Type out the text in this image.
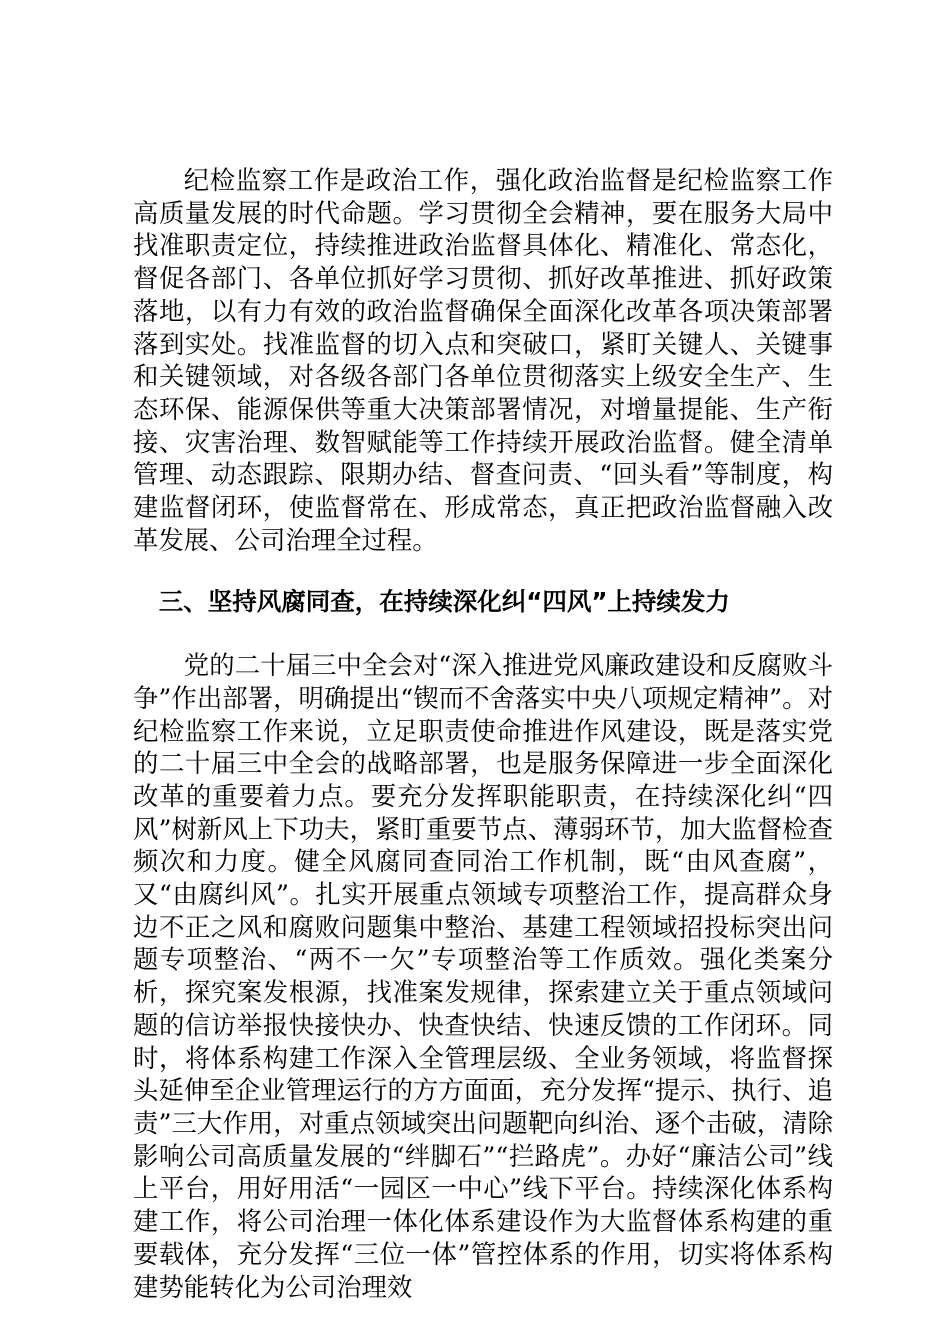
纪检监察工作是政治工作，强化政治监督是纪检监察工作高质量发展的时代命题。学习贯彻全会精神，要在服务大局中找准职责定位，持续推进政治监督具体化、精准化、常态化，督促各部门、各单位抓好学习贯彻、抓好改革推进、抓好政策落地，以有力有效的政治监督确保全面深化改革各项决策部署落到实处。找准监督的切入点和突破口，紧盯关键人、关键事和关键领域，对各级各部门各单位贯彻落实上级安全生产、生态环保、能源保供等重大决策部署情况，对增量提能、生产衔接、灾害治理、数智赋能等工作持续开展政治监督。健全清单管理、动态跟踪、限期办结、督查问责、“回头看”等制度，构建监督闭环，使监督常在、形成常态，真正把政治监督融入改革发展、公司治理全过程。

三、坚持风腐同查，在持续深化纠“四风”上持续发力

党的二十届三中全会对“深入推进党风廉政建设和反腐败斗争”作出部署，明确提出“锲而不舍落实中央八项规定精神”。对纪检监察工作来说，立足职责使命推进作风建设，既是落实党的二十届三中全会的战略部署，也是服务保障进一步全面深化改革的重要着力点。要充分发挥职能职责，在持续深化纠“四风”树新风上下功夫，紧盯重要节点、薄弱环节，加大监督检查频次和力度。健全风腐同查同治工作机制，既“由风查腐”，又“由腐纠风”。扎实开展重点领域专项整治工作，提高群众身边不正之风和腐败问题集中整治、基建工程领域招投标突出问题专项整治、“两不一欠”专项整治等工作质效。强化类案分析，探究案发根源，找准案发规律，探索建立关于重点领域问题的信访举报快接快办、快查快结、快速反馈的工作闭环。同时，将体系构建工作深入全管理层级、全业务领域，将监督探头延伸至企业管理运行的方方面面，充分发挥“提示、执行、追责”三大作用，对重点领域突出问题靶向纠治、逐个击破，清除影响公司高质量发展的“绊脚石”“拦路虎”。办好“廉洁公司”线上平台，用好用活“一园区一中心”线下平台。持续深化体系构建工作，将公司治理一体化体系建设作为大监督体系构建的重要载体，充分发挥“三位一体”管控体系的作用，切实将体系构建势能转化为公司治理效
